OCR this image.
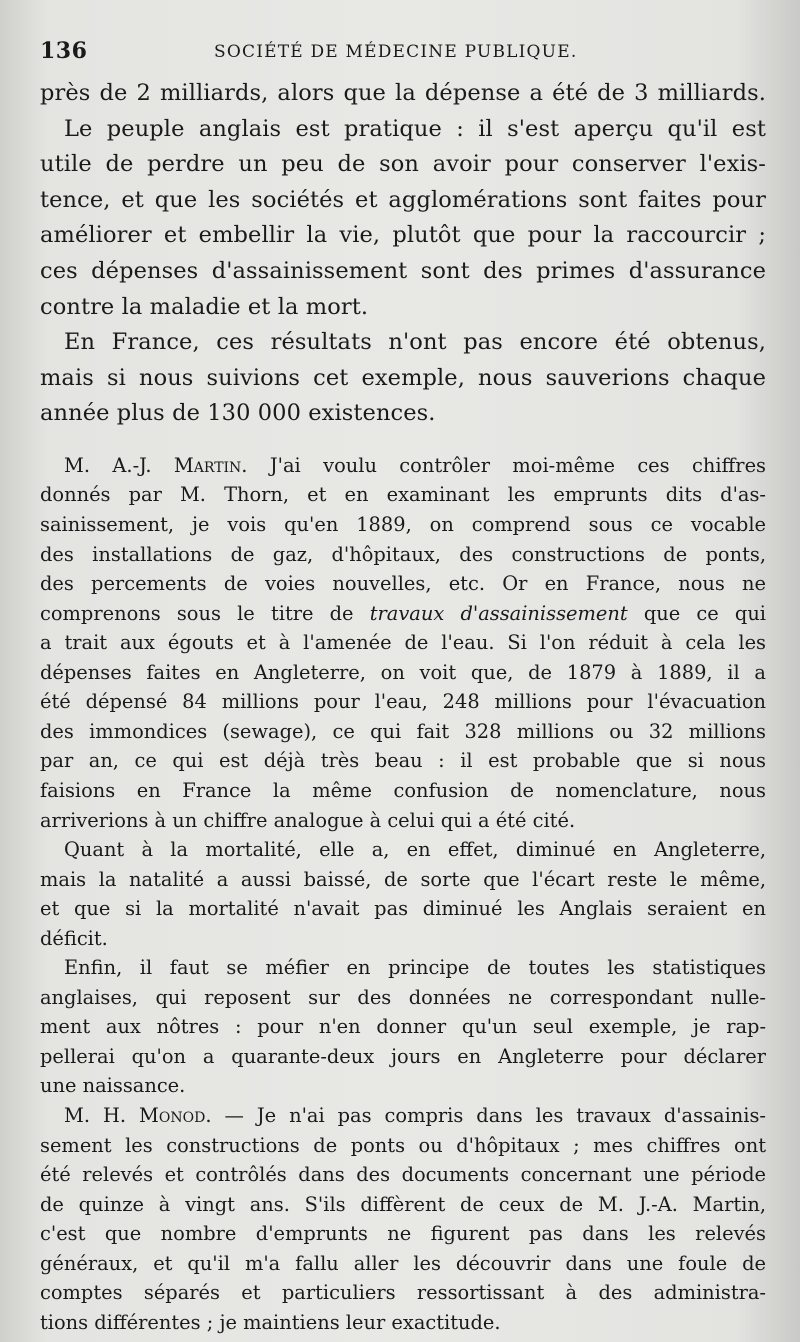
136	SOCIÉTÉ DE MÉDECINE PUBLIQUE.
près de 2 milliards, alors que la dépense a été de 3 milliards.
Le peuple anglais est pratique : il s'est aperçu qu'il est
utile de perdre un peu de son avoir pour conserver l'exis-
tence, et que les sociétés et agglomérations sont faites pour
améliorer et embellir la vie, plutôt que pour la raccourcir ;
ces dépenses d'assainissement sont des primes d'assurance
contre la maladie et la mort.
En France, ces résultats n'ont pas encore été obtenus,
mais si nous suivions cet exemple, nous sauverions chaque
année plus de 130 000 existences.
M. A.-J. Martin. J'ai voulu contrôler moi-même ces chiffres
donnés par M. Thorn, et en examinant les emprunts dits d'as-
sainissement, je vois qu'en 1889, on comprend sous ce vocable
des installations de gaz, d'hôpitaux, des constructions de ponts,
des percements de voies nouvelles, etc. Or en France, nous ne
comprenons sous le titre de travaux d'assainissement que ce qui
a trait aux égouts et à l'amenée de l'eau. Si l'on réduit à cela les
dépenses faites en Angleterre, on voit que, de 1879 à 1889, il a
été dépensé 84 millions pour l'eau, 248 millions pour l'évacuation
des immondices (sewage), ce qui fait 328 millions ou 32 millions
par an, ce qui est déjà très beau : il est probable que si nous
faisions en France la même confusion de nomenclature, nous
arriverions à un chiffre analogue à celui qui a été cité.
Quant à la mortalité, elle a, en effet, diminué en Angleterre,
mais la natalité a aussi baissé, de sorte que l'écart reste le même,
et que si la mortalité n'avait pas diminué les Anglais seraient en
déficit.
Enfin, il faut se méfier en principe de toutes les statistiques
anglaises, qui reposent sur des données ne correspondant nulle-
ment aux nôtres : pour n'en donner qu'un seul exemple, je rap-
pellerai qu'on a quarante-deux jours en Angleterre pour déclarer
une naissance.
M. H. Monod. — Je n'ai pas compris dans les travaux d'assainis-
sement les constructions de ponts ou d'hôpitaux ; mes chiffres ont
été relevés et contrôlés dans des documents concernant une période
de quinze à vingt ans. S'ils diffèrent de ceux de M. J.-A. Martin,
c'est que nombre d'emprunts ne figurent pas dans les relevés
généraux, et qu'il m'a fallu aller les découvrir dans une foule de
comptes séparés et particuliers ressortissant à des administra-
tions différentes ; je maintiens leur exactitude.
